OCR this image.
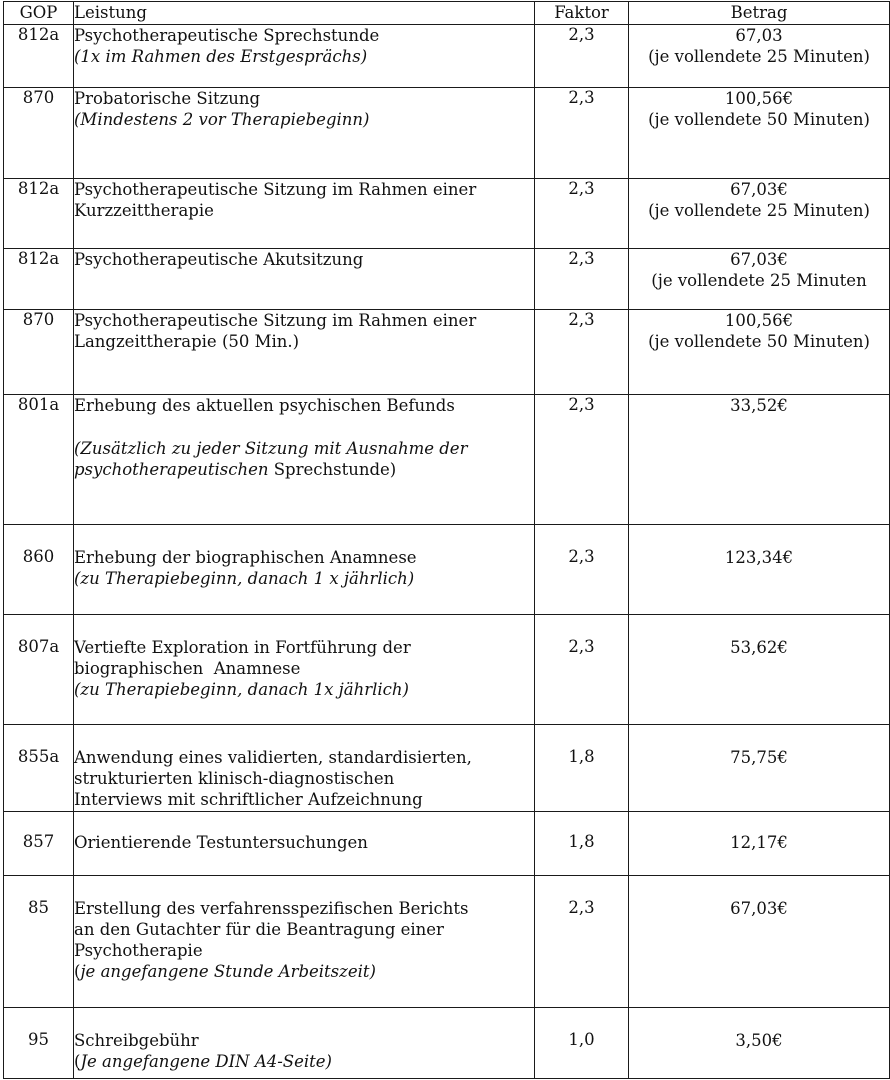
GOP	Leistung	Faktor	Betrag
812a	Psychotherapeutische Sprechstunde
(1x im Rahmen des Erstgesprächs)	2,3	67,03
(je vollendete 25 Minuten)

870	Probatorische Sitzung
(Mindestens 2 vor Therapiebeginn)	2,3	100,56€
(je vollendete 50 Minuten)

812a	Psychotherapeutische Sitzung im Rahmen einer
Kurzzeittherapie	2,3	67,03€
(je vollendete 25 Minuten)

812a	Psychotherapeutische Akutsitzung	2,3	67,03€
(je vollendete 25 Minuten

870	Psychotherapeutische Sitzung im Rahmen einer
Langzeittherapie (50 Min.)	2,3	100,56€
(je vollendete 50 Minuten)

801a	Erhebung des aktuellen psychischen Befunds
(Zusätzlich zu jeder Sitzung mit Ausnahme der
psychotherapeutischen Sprechstunde)	2,3	33,52€

860	Erhebung der biographischen Anamnese
(zu Therapiebeginn, danach 1 x jährlich)	2,3	123,34€

807a	Vertiefte Exploration in Fortführung der
biographischen  Anamnese
(zu Therapiebeginn, danach 1x jährlich)	2,3	53,62€

855a	Anwendung eines validierten, standardisierten,
strukturierten klinisch-diagnostischen
Interviews mit schriftlicher Aufzeichnung	1,8	75,75€

857	Orientierende Testuntersuchungen	1,8	12,17€

85	Erstellung des verfahrensspezifischen Berichts
an den Gutachter für die Beantragung einer
Psychotherapie
(je angefangene Stunde Arbeitszeit)	2,3	67,03€

95	Schreibgebühr
(Je angefangene DIN A4-Seite)	1,0	3,50€
